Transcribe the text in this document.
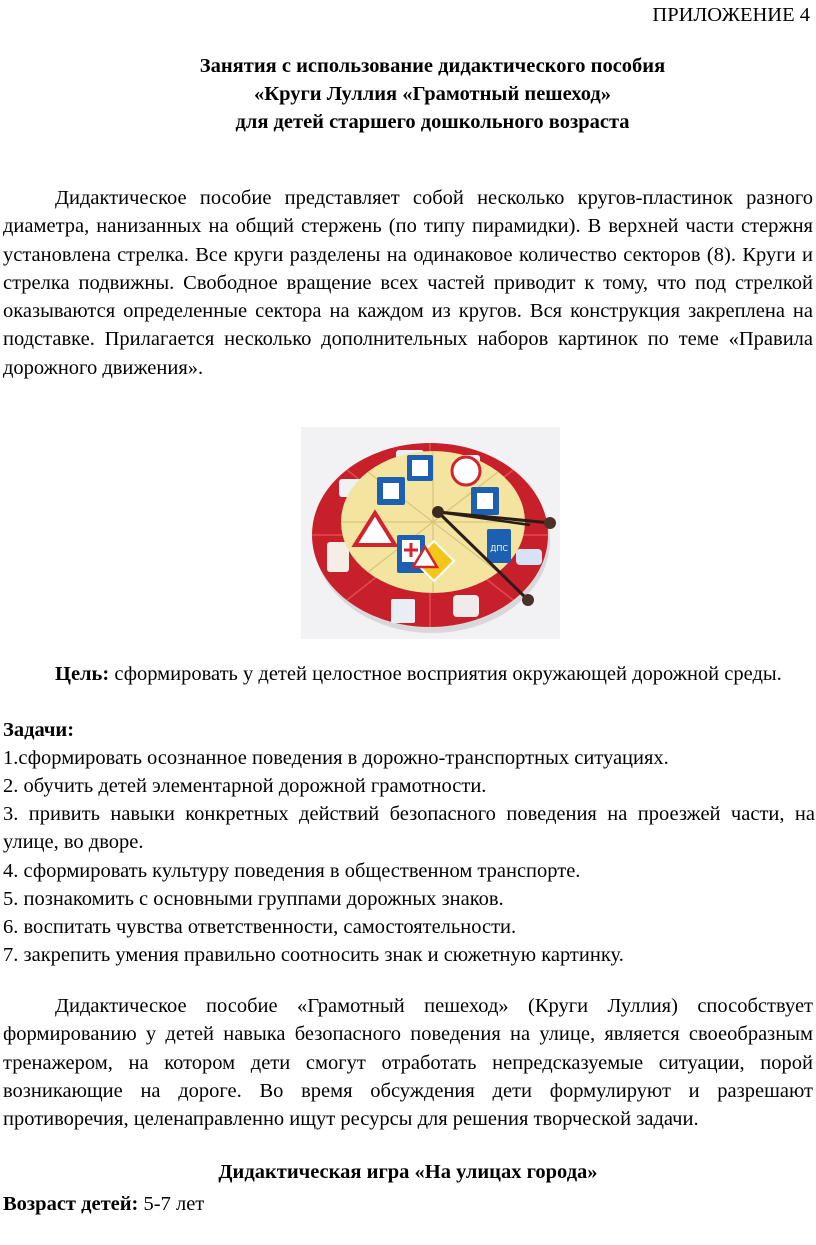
ПРИЛОЖЕНИЕ 4

Занятия с использование дидактического пособия
«Круги Луллия «Грамотный пешеход»
для детей старшего дошкольного возраста

Дидактическое пособие представляет собой несколько кругов-пластинок разного диаметра, нанизанных на общий стержень (по типу пирамидки). В верхней части стержня установлена стрелка. Все круги разделены на одинаковое количество секторов (8). Круги и стрелка подвижны. Свободное вращение всех частей приводит к тому, что под стрелкой оказываются определенные сектора на каждом из кругов. Вся конструкция закреплена на подставке. Прилагается несколько дополнительных наборов картинок по теме «Правила дорожного движения».

ДПС

Цель: сформировать у детей целостное восприятия окружающей дорожной среды.

Задачи:

1.сформировать осознанное поведения в дорожно-транспортных ситуациях.

2. обучить детей элементарной дорожной грамотности.

3. привить навыки конкретных действий безопасного поведения на проезжей части, на улице, во дворе.

4. сформировать культуру поведения в общественном транспорте.

5. познакомить с основными группами дорожных знаков.

6. воспитать чувства ответственности, самостоятельности.

7. закрепить умения правильно соотносить знак и сюжетную картинку.

Дидактическое пособие «Грамотный пешеход» (Круги Луллия) способствует формированию у детей навыка безопасного поведения на улице, является своеобразным тренажером, на котором дети смогут отработать непредсказуемые ситуации, порой возникающие на дороге. Во время обсуждения дети формулируют и разрешают противоречия, целенаправленно ищут ресурсы для решения творческой задачи.

Дидактическая игра «На улицах города»

Возраст детей: 5-7 лет
